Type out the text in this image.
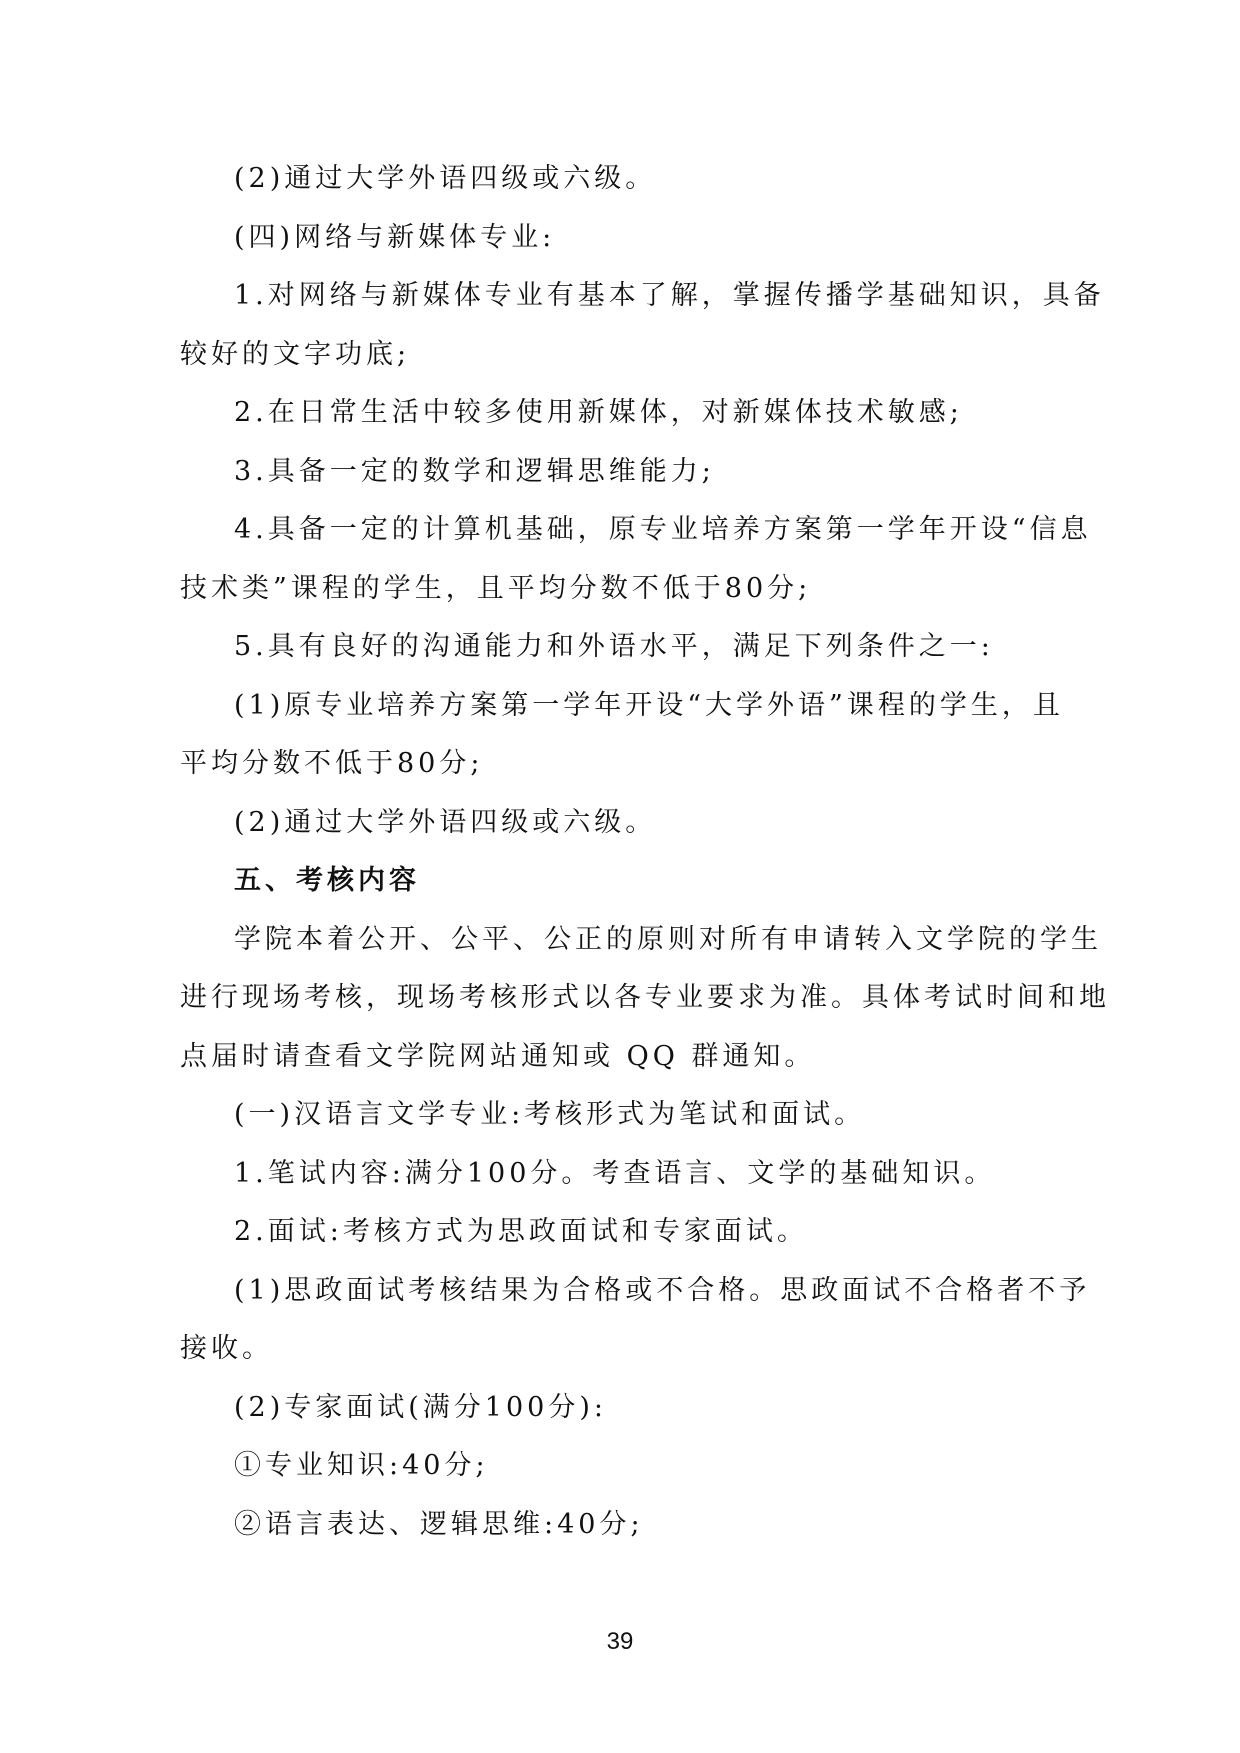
(2)通过大学外语四级或六级。

(四)网络与新媒体专业:

1.对网络与新媒体专业有基本了解，掌握传播学基础知识，具备

较好的文字功底;

2.在日常生活中较多使用新媒体，对新媒体技术敏感;

3.具备一定的数学和逻辑思维能力;

4.具备一定的计算机基础，原专业培养方案第一学年开设“信息

技术类”课程的学生，且平均分数不低于80分;

5.具有良好的沟通能力和外语水平，满足下列条件之一:

(1)原专业培养方案第一学年开设“大学外语”课程的学生，且

平均分数不低于80分;

(2)通过大学外语四级或六级。

五、考核内容

学院本着公开、公平、公正的原则对所有申请转入文学院的学生

进行现场考核，现场考核形式以各专业要求为准。具体考试时间和地

点届时请查看文学院网站通知或 QQ 群通知。

(一)汉语言文学专业:考核形式为笔试和面试。

1.笔试内容:满分100分。考查语言、文学的基础知识。

2.面试:考核方式为思政面试和专家面试。

(1)思政面试考核结果为合格或不合格。思政面试不合格者不予

接收。

(2)专家面试(满分100分):

①专业知识:40分;

②语言表达、逻辑思维:40分;

39
